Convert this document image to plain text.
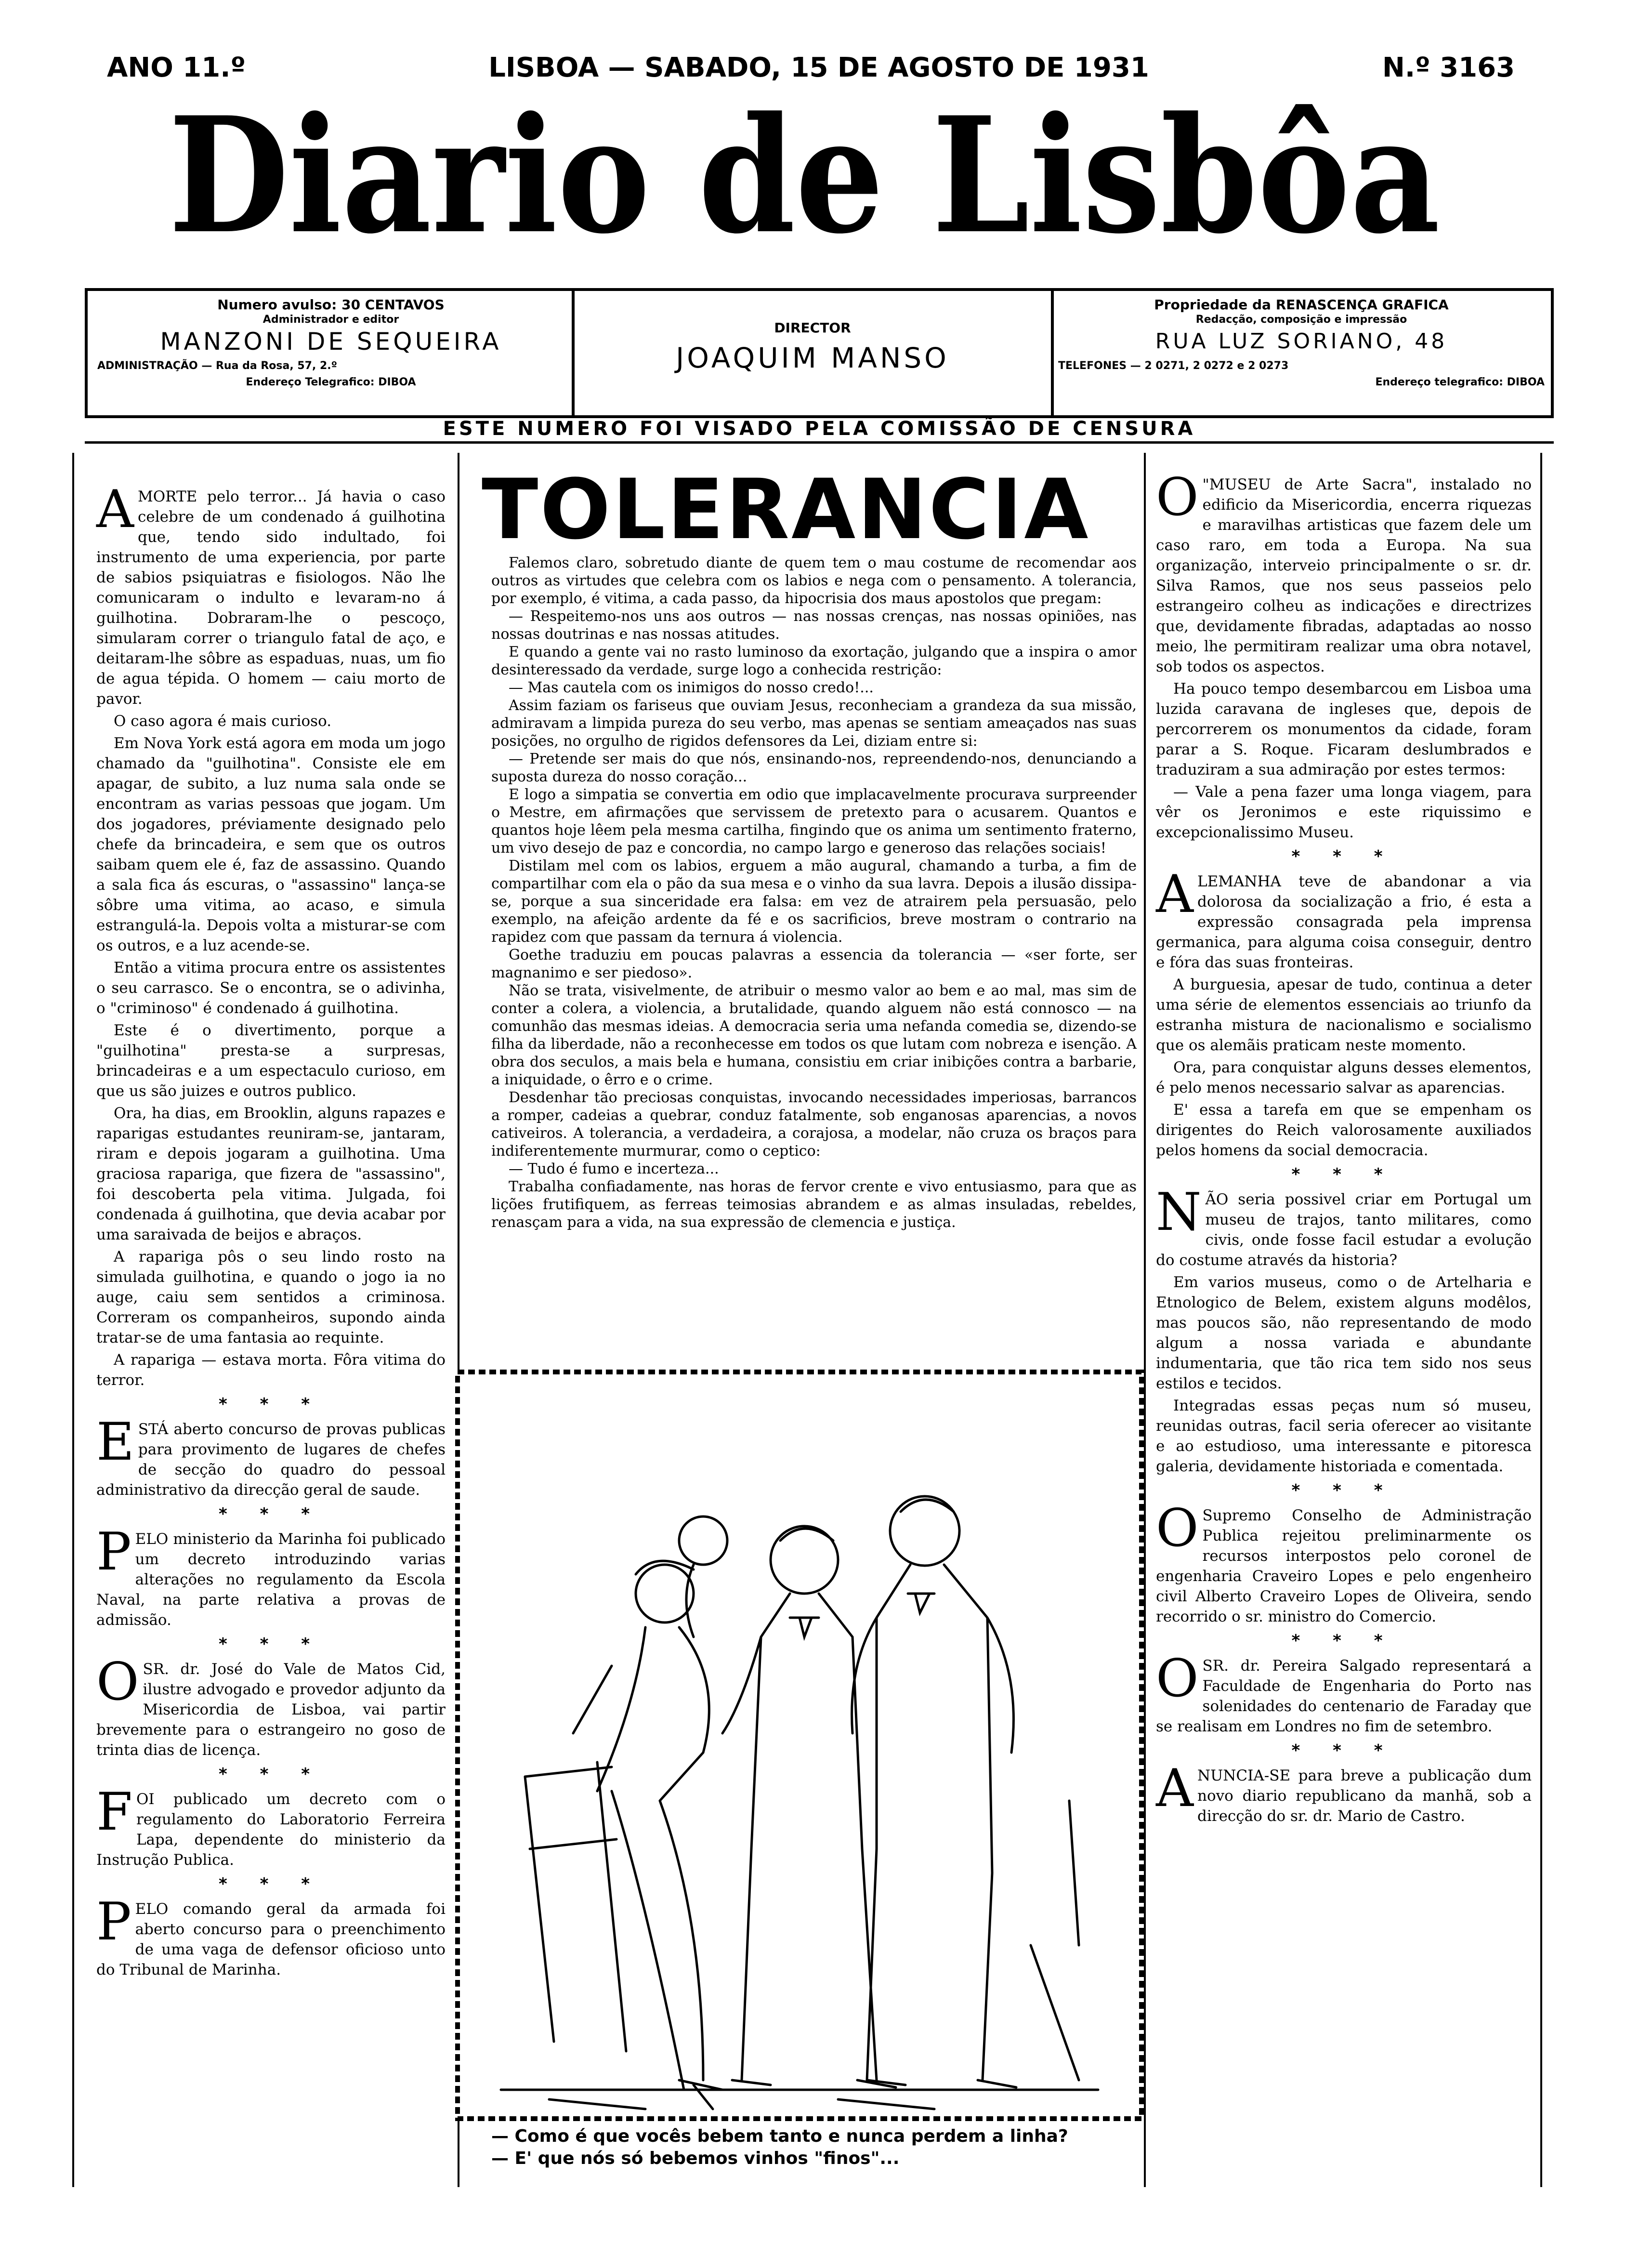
ANO 11.º	LISBOA — SABADO, 15 DE AGOSTO DE 1931	N.º 3163
Diario de Lisbôa
Numero avulso: 30 CENTAVOS
Administrador e editor
MANZONI DE SEQUEIRA
ADMINISTRAÇÃO — Rua da Rosa, 57, 2.º
Endereço Telegrafico: DIBOA
DIRECTOR
JOAQUIM MANSO
Propriedade da RENASCENÇA GRAFICA
Redacção, composição e impressão
RUA LUZ SORIANO, 48
TELEFONES — 2 0271, 2 0272 e 2 0273
Endereço telegrafico: DIBOA
ESTE NUMERO FOI VISADO PELA COMISSÃO DE CENSURA

AMORTE pelo terror... Já havia o caso celebre de um condenado á guilhotina que, tendo sido indultado, foi instrumento de uma experiencia, por parte de sabios psiquiatras e fisiologos. Não lhe comunicaram o indulto e levaram-no á guilhotina. Dobraram-lhe o pescoço, simularam correr o triangulo fatal de aço, e deitaram-lhe sôbre as espaduas, nuas, um fio de agua tépida. O homem — caiu morto de pavor.

O caso agora é mais curioso.

Em Nova York está agora em moda um jogo chamado da "guilhotina". Consiste ele em apagar, de subito, a luz numa sala onde se encontram as varias pessoas que jogam. Um dos jogadores, préviamente designado pelo chefe da brincadeira, e sem que os outros saibam quem ele é, faz de assassino. Quando a sala fica ás escuras, o "assassino" lança-se sôbre uma vitima, ao acaso, e simula estrangulá-la. Depois volta a misturar-se com os outros, e a luz acende-se.

Então a vitima procura entre os assistentes o seu carrasco. Se o encontra, se o adivinha, o "criminoso" é condenado á guilhotina.

Este é o divertimento, porque a "guilhotina" presta-se a surpresas, brincadeiras e a um espectaculo curioso, em que us são juizes e outros publico.

Ora, ha dias, em Brooklin, alguns rapazes e raparigas estudantes reuniram-se, jantaram, riram e depois jogaram a guilhotina. Uma graciosa rapariga, que fizera de "assassino", foi descoberta pela vitima. Julgada, foi condenada á guilhotina, que devia acabar por uma saraivada de beijos e abraços.

A rapariga pôs o seu lindo rosto na simulada guilhotina, e quando o jogo ia no auge, caiu sem sentidos a criminosa. Correram os companheiros, supondo ainda tratar-se de uma fantasia ao requinte.

A rapariga — estava morta. Fôra vitima do terror.

* * *

ESTÁ aberto concurso de provas publicas para provimento de lugares de chefes de secção do quadro do pessoal administrativo da direcção geral de saude.

* * *

PELO ministerio da Marinha foi publicado um decreto introduzindo varias alterações no regulamento da Escola Naval, na parte relativa a provas de admissão.

* * *

OSR. dr. José do Vale de Matos Cid, ilustre advogado e provedor adjunto da Misericordia de Lisboa, vai partir brevemente para o estrangeiro no goso de trinta dias de licença.

* * *

FOI publicado um decreto com o regulamento do Laboratorio Ferreira Lapa, dependente do ministerio da Instrução Publica.

* * *

PELO comando geral da armada foi aberto concurso para o preenchimento de uma vaga de defensor oficioso unto do Tribunal de Marinha.

TOLERANCIA

Falemos claro, sobretudo diante de quem tem o mau costume de recomendar aos outros as virtudes que celebra com os labios e nega com o pensamento. A tolerancia, por exemplo, é vitima, a cada passo, da hipocrisia dos maus apostolos que pregam:

— Respeitemo-nos uns aos outros — nas nossas crenças, nas nossas opiniões, nas nossas doutrinas e nas nossas atitudes.

E quando a gente vai no rasto luminoso da exortação, julgando que a inspira o amor desinteressado da verdade, surge logo a conhecida restrição:

— Mas cautela com os inimigos do nosso credo!...

Assim faziam os fariseus que ouviam Jesus, reconheciam a grandeza da sua missão, admiravam a limpida pureza do seu verbo, mas apenas se sentiam ameaçados nas suas posições, no orgulho de rigidos defensores da Lei, diziam entre si:

— Pretende ser mais do que nós, ensinando-nos, repreendendo-nos, denunciando a suposta dureza do nosso coração...

E logo a simpatia se convertia em odio que implacavelmente procurava surpreender o Mestre, em afirmações que servissem de pretexto para o acusarem. Quantos e quantos hoje lêem pela mesma cartilha, fingindo que os anima um sentimento fraterno, um vivo desejo de paz e concordia, no campo largo e generoso das relações sociais!

Distilam mel com os labios, erguem a mão augural, chamando a turba, a fim de compartilhar com ela o pão da sua mesa e o vinho da sua lavra. Depois a ilusão dissipa-se, porque a sua sinceridade era falsa: em vez de atrairem pela persuasão, pelo exemplo, na afeição ardente da fé e os sacrificios, breve mostram o contrario na rapidez com que passam da ternura á violencia.

Goethe traduziu em poucas palavras a essencia da tolerancia — «ser forte, ser magnanimo e ser piedoso».

Não se trata, visivelmente, de atribuir o mesmo valor ao bem e ao mal, mas sim de conter a colera, a violencia, a brutalidade, quando alguem não está connosco — na comunhão das mesmas ideias. A democracia seria uma nefanda comedia se, dizendo-se filha da liberdade, não a reconhecesse em todos os que lutam com nobreza e isenção. A obra dos seculos, a mais bela e humana, consistiu em criar inibições contra a barbarie, a iniquidade, o êrro e o crime.

Desdenhar tão preciosas conquistas, invocando necessidades imperiosas, barrancos a romper, cadeias a quebrar, conduz fatalmente, sob enganosas aparencias, a novos cativeiros. A tolerancia, a verdadeira, a corajosa, a modelar, não cruza os braços para indiferentemente murmurar, como o ceptico:

— Tudo é fumo e incerteza...

Trabalha confiadamente, nas horas de fervor crente e vivo entusiasmo, para que as lições frutifiquem, as ferreas teimosias abrandem e as almas insuladas, rebeldes, renasçam para a vida, na sua expressão de clemencia e justiça.

— Como é que vocês bebem tanto e nunca perdem a linha?
— E' que nós só bebemos vinhos "finos"...

O "MUSEU de Arte Sacra", instalado no edificio da Misericordia, encerra riquezas e maravilhas artisticas que fazem dele um caso raro, em toda a Europa. Na sua organização, interveio principalmente o sr. dr. Silva Ramos, que nos seus passeios pelo estrangeiro colheu as indicações e directrizes que, devidamente fibradas, adaptadas ao nosso meio, lhe permitiram realizar uma obra notavel, sob todos os aspectos.

Ha pouco tempo desembarcou em Lisboa uma luzida caravana de ingleses que, depois de percorrerem os monumentos da cidade, foram parar a S. Roque. Ficaram deslumbrados e traduziram a sua admiração por estes termos:

— Vale a pena fazer uma longa viagem, para vêr os Jeronimos e este riquissimo e excepcionalissimo Museu.

* * *

ALEMANHA teve de abandonar a via dolorosa da socialização a frio, é esta a expressão consagrada pela imprensa germanica, para alguma coisa conseguir, dentro e fóra das suas fronteiras.

A burguesia, apesar de tudo, continua a deter uma série de elementos essenciais ao triunfo da estranha mistura de nacionalismo e socialismo que os alemãis praticam neste momento.

Ora, para conquistar alguns desses elementos, é pelo menos necessario salvar as aparencias.

E' essa a tarefa em que se empenham os dirigentes do Reich valorosamente auxiliados pelos homens da social democracia.

* * *

NÃO seria possivel criar em Portugal um museu de trajos, tanto militares, como civis, onde fosse facil estudar a evolução do costume através da historia?

Em varios museus, como o de Artelharia e Etnologico de Belem, existem alguns modêlos, mas poucos são, não representando de modo algum a nossa variada e abundante indumentaria, que tão rica tem sido nos seus estilos e tecidos.

Integradas essas peças num só museu, reunidas outras, facil seria oferecer ao visitante e ao estudioso, uma interessante e pitoresca galeria, devidamente historiada e comentada.

* * *

O Supremo Conselho de Administração Publica rejeitou preliminarmente os recursos interpostos pelo coronel de engenharia Craveiro Lopes e pelo engenheiro civil Alberto Craveiro Lopes de Oliveira, sendo recorrido o sr. ministro do Comercio.

* * *

OSR. dr. Pereira Salgado representará a Faculdade de Engenharia do Porto nas solenidades do centenario de Faraday que se realisam em Londres no fim de setembro.

* * *

ANUNCIA-SE para breve a publicação dum novo diario republicano da manhã, sob a direcção do sr. dr. Mario de Castro.
